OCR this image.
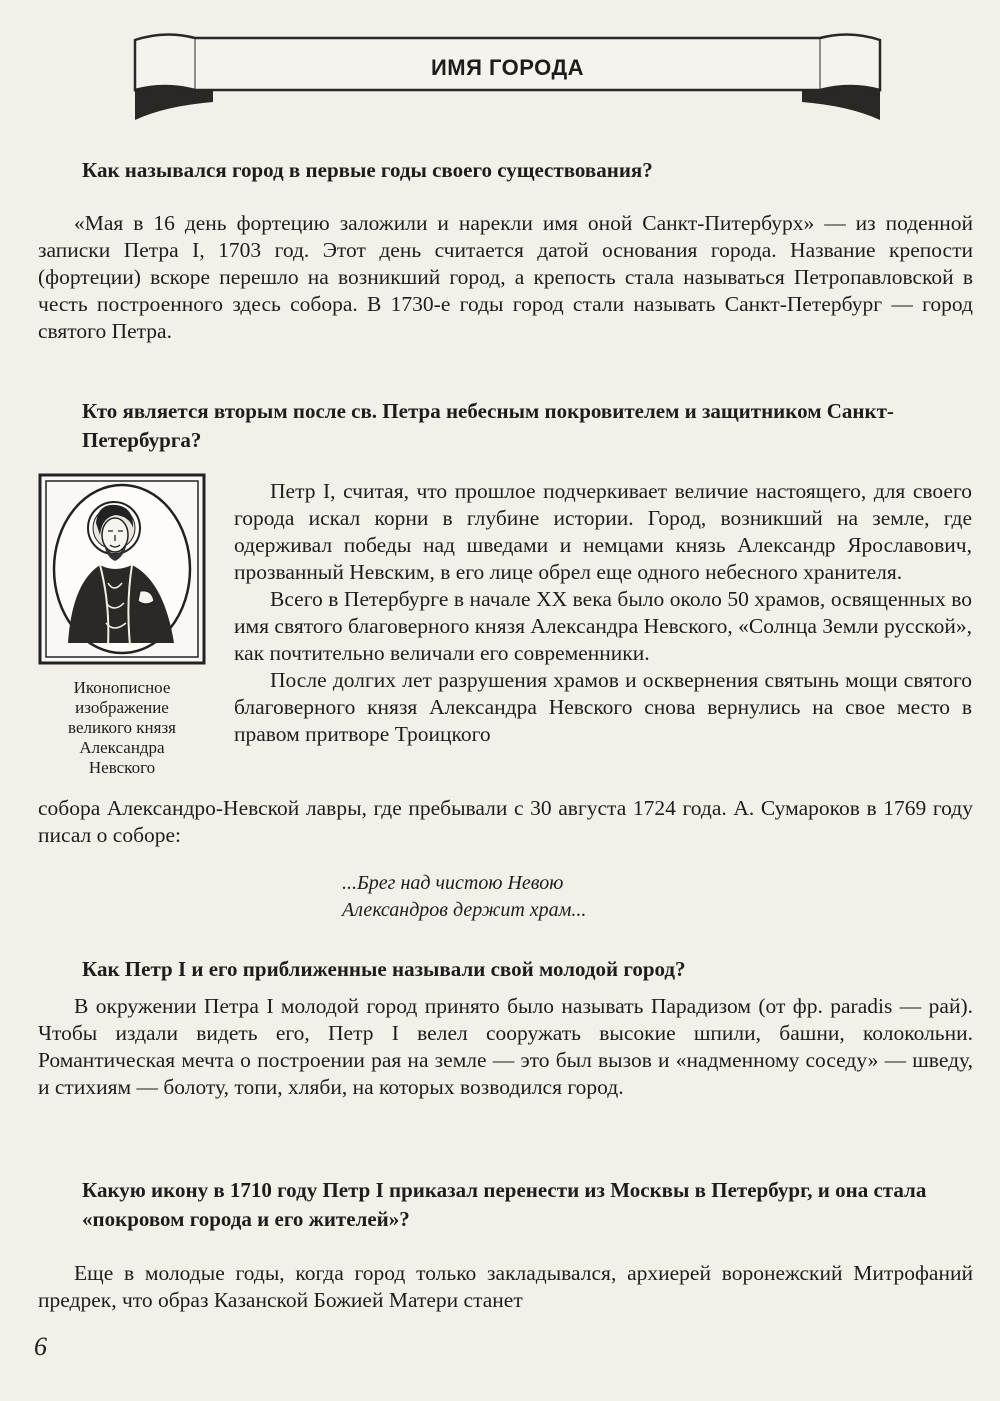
ИМЯ ГОРОДА
Как назывался город в первые годы своего существования?

«Мая в 16 день фортецию заложили и нарекли имя оной Санкт-Питербурх» — из поденной записки Петра I, 1703 год. Этот день считается датой основания города. Название крепости (фортеции) вскоре перешло на возникший город, а крепость стала называться Петропавловской в честь построенного здесь собора. В 1730-е годы город стали называть Санкт-Петербург — город святого Петра.

Кто является вторым после св. Петра небесным покровителем и защитником Санкт-Петербурга?
Иконописное
изображение
великого князя
Александра
Невского

Петр I, считая, что прошлое подчеркивает величие настоящего, для своего города искал корни в глубине истории. Город, возникший на земле, где одерживал победы над шведами и немцами князь Александр Ярославович, прозванный Невским, в его лице обрел еще одного небесного хранителя.

Всего в Петербурге в начале XX века было около 50 храмов, освященных во имя святого благоверного князя Александра Невского, «Солнца Земли русской», как почтительно величали его современники.

После долгих лет разрушения храмов и осквернения святынь мощи святого благоверного князя Александра Невского снова вернулись на свое место в правом притворе Троицкого

собора Александро-Невской лавры, где пребывали с 30 августа 1724 года. А. Сумароков в 1769 году писал о соборе:

...Брег над чистою Невою
Александров держит храм...
Как Петр I и его приближенные называли свой молодой город?

В окружении Петра I молодой город принято было называть Парадизом (от фр. paradis — рай). Чтобы издали видеть его, Петр I велел сооружать высокие шпили, башни, колокольни. Романтическая мечта о построении рая на земле — это был вызов и «надменному соседу» — шведу, и стихиям — болоту, топи, хляби, на которых возводился город.

Какую икону в 1710 году Петр I приказал перенести из Москвы в Петербург, и она стала «покровом города и его жителей»?

Еще в молодые годы, когда город только закладывался, архиерей воронежский Митрофаний предрек, что образ Казанской Божией Матери станет

6
